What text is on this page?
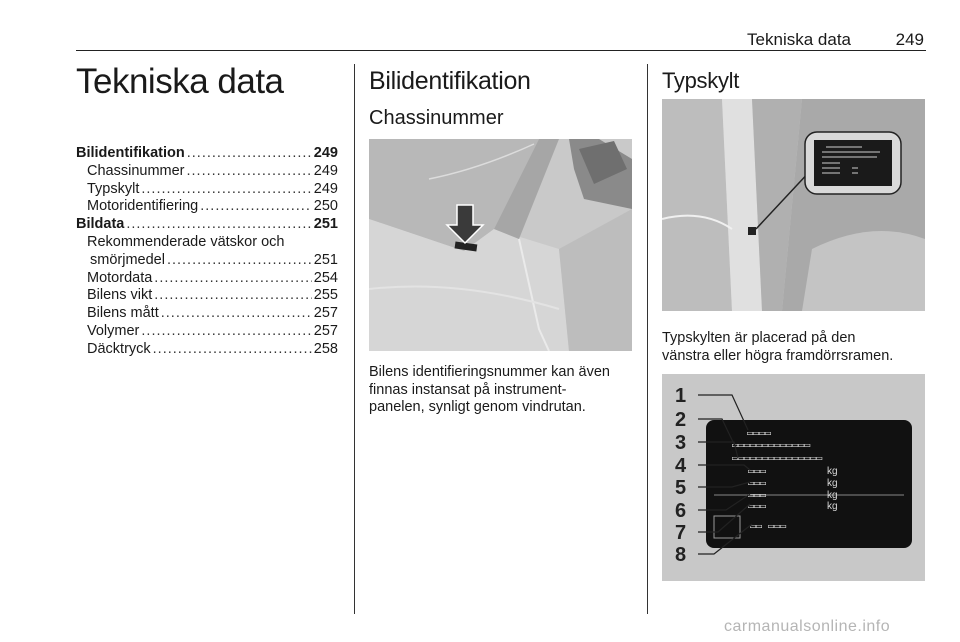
Tekniska data	249
Tekniska data
Bilidentifikation .....	249
Chassinummer .....	249
Typskylt .....	249
Motoridentifiering .....	250
Bildata .....	251
Rekommenderade vätskor och
smörjmedel .....	251
Motordata .....	254
Bilens vikt .....	255
Bilens mått .....	257
Volymer .....	257
Däcktryck .....	258
Bilidentifikation
Chassinummer
Bilens identifieringsnummer kan även
finnas instansat på instrument-
panelen, synligt genom vindrutan.
Typskylt
Typskylten är placerad på den
vänstra eller högra framdörrsramen.
▭▭▭▭
▭▭▭▭▭▭▭▭▭▭▭▭▭
▭▭▭▭▭▭▭▭▭▭▭▭▭▭▭
▭▭▭
▭▭▭
▭▭▭
▭▭▭
▭▭ ▭▭▭
kg
kg
kg
kg
1
2
3
4
5
6
7
8
carmanualsonline.info
